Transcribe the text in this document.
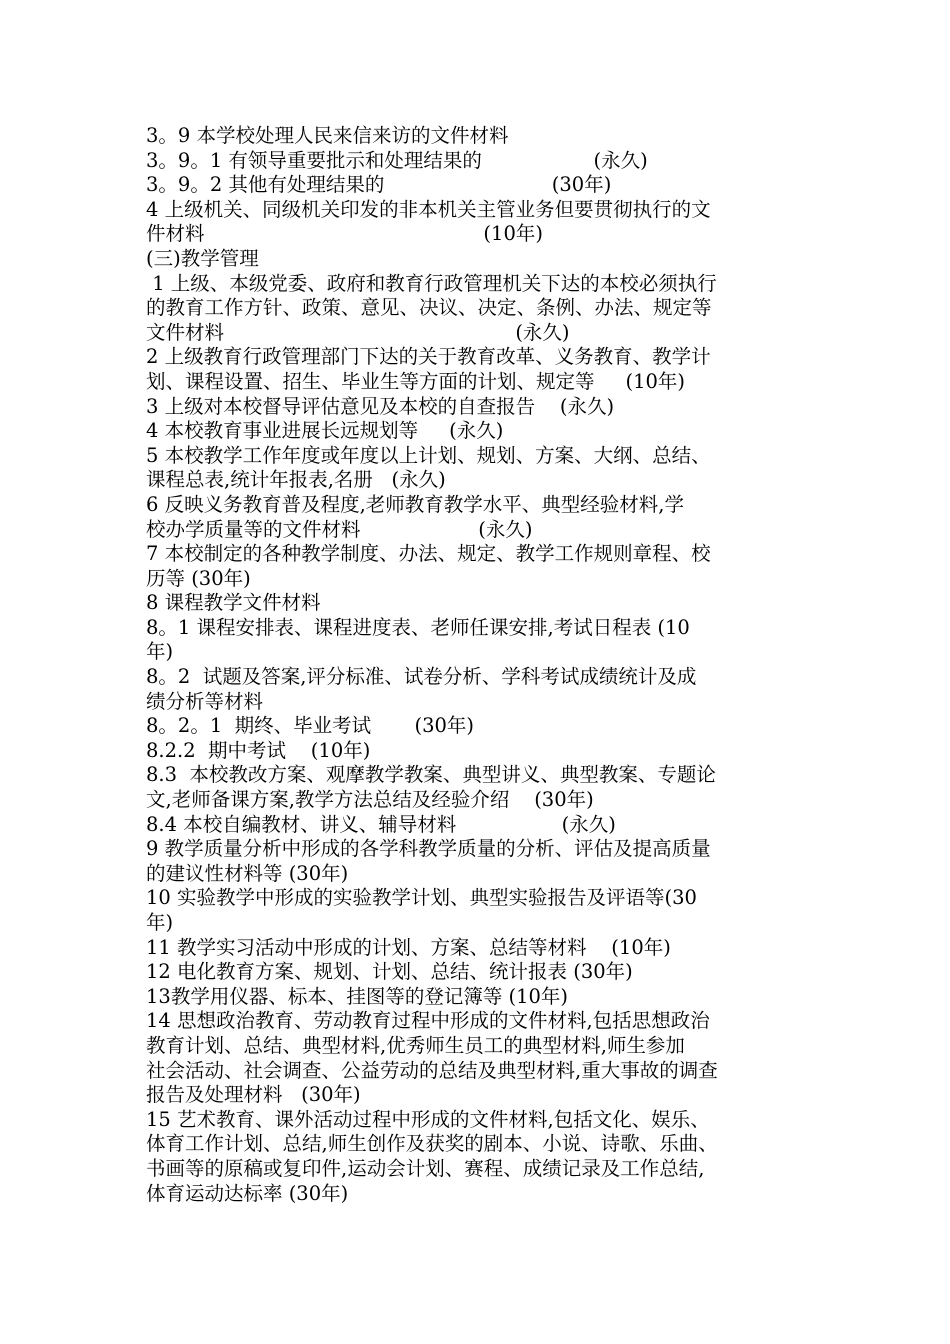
3。9 本学校处理人民来信来访的文件材料
3。9。1 有领导重要批示和处理结果的                  (永久)
3。9。2 其他有处理结果的                           (30年)
4 上级机关、同级机关印发的非本机关主管业务但要贯彻执行的文
件材料                                             (10年)
(三)教学管理
1 上级、本级党委、政府和教育行政管理机关下达的本校必须执行
的教育工作方针、政策、意见、决议、决定、条例、办法、规定等
文件材料                                               (永久)
2 上级教育行政管理部门下达的关于教育改革、义务教育、教学计
划、课程设置、招生、毕业生等方面的计划、规定等     (10年)
3 上级对本校督导评估意见及本校的自查报告    (永久)
4 本校教育事业进展长远规划等     (永久)
5 本校教学工作年度或年度以上计划、规划、方案、大纲、总结、
课程总表,统计年报表,名册   (永久)
6 反映义务教育普及程度,老师教育教学水平、典型经验材料,学
校办学质量等的文件材料                   (永久)
7 本校制定的各种教学制度、办法、规定、教学工作规则章程、校
历等 (30年)
8 课程教学文件材料
8。1 课程安排表、课程进度表、老师任课安排,考试日程表 (10
年)
8。2  试题及答案,评分标准、试卷分析、学科考试成绩统计及成
绩分析等材料
8。2。1  期终、毕业考试       (30年)
8.2.2  期中考试    (10年)
8.3  本校教改方案、观摩教学教案、典型讲义、典型教案、专题论
文,老师备课方案,教学方法总结及经验介绍    (30年)
8.4 本校自编教材、讲义、辅导材料                 (永久)
9 教学质量分析中形成的各学科教学质量的分析、评估及提高质量
的建议性材料等 (30年)
10 实验教学中形成的实验教学计划、典型实验报告及评语等(30
年)
11 教学实习活动中形成的计划、方案、总结等材料    (10年)
12 电化教育方案、规划、计划、总结、统计报表 (30年)
13教学用仪器、标本、挂图等的登记簿等 (10年)
14 思想政治教育、劳动教育过程中形成的文件材料,包括思想政治
教育计划、总结、典型材料,优秀师生员工的典型材料,师生参加
社会活动、社会调查、公益劳动的总结及典型材料,重大事故的调查
报告及处理材料   (30年)
15 艺术教育、课外活动过程中形成的文件材料,包括文化、娱乐、
体育工作计划、总结,师生创作及获奖的剧本、小说、诗歌、乐曲、
书画等的原稿或复印件,运动会计划、赛程、成绩记录及工作总结,
体育运动达标率 (30年)
